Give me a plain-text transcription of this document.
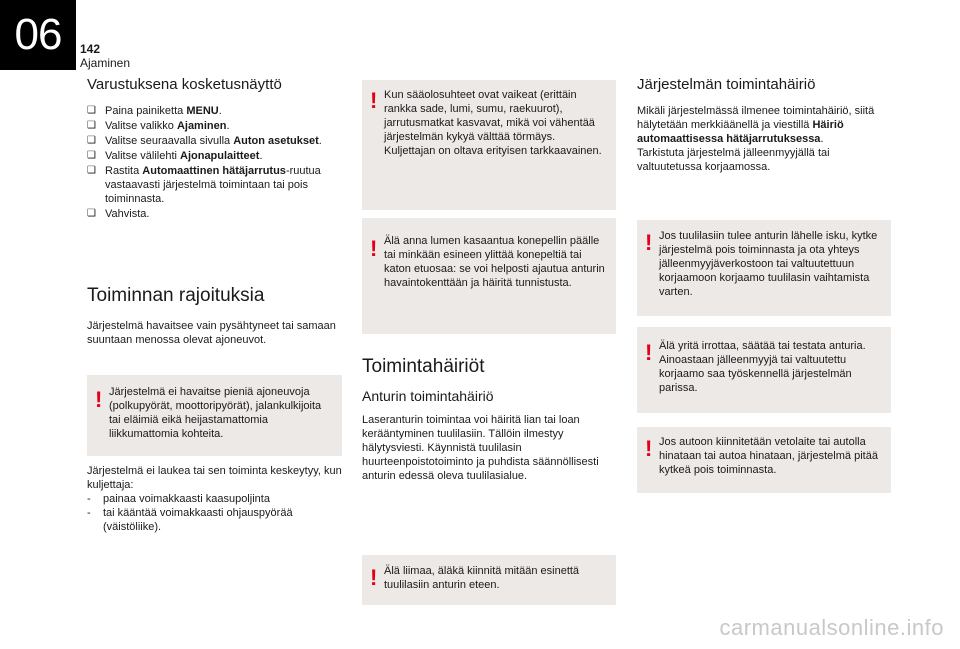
06	142
Ajaminen
Varustuksena kosketusnäyttö
❑ Paina painiketta MENU.
❑ Valitse valikko Ajaminen.
❑ Valitse seuraavalla sivulla Auton asetukset.
❑ Valitse välilehti Ajonapulaitteet.
❑ Rastita Automaattinen hätäjarrutus-ruutua vastaavasti järjestelmä toimintaan tai pois toiminnasta.
❑ Vahvista.
Toiminnan rajoituksia

Järjestelmä havaitsee vain pysähtyneet tai samaan suuntaan menossa olevat ajoneuvot.

! Järjestelmä ei havaitse pieniä ajoneuvoja (polkupyörät, moottoripyörät), jalankulkijoita tai eläimiä eikä heijastamattomia liikkumattomia kohteita.

Järjestelmä ei laukea tai sen toiminta keskeytyy, kun kuljettaja:

- painaa voimakkaasti kaasupoljinta
- tai kääntää voimakkaasti ohjauspyörää (väistöliike).
! Kun sääolosuhteet ovat vaikeat (erittäin rankka sade, lumi, sumu, raekuurot), jarrutusmatkat kasvavat, mikä voi vähentää järjestelmän kykyä välttää törmäys.

Kuljettajan on oltava erityisen tarkkaavainen.

! Älä anna lumen kasaantua konepellin päälle tai minkään esineen ylittää konepeltiä tai katon etuosaa: se voi helposti ajautua anturin havaintokenttään ja häiritä tunnistusta.
Toimintahäiriöt
Anturin toimintahäiriö

Laseranturin toimintaa voi häiritä lian tai loan kerääntyminen tuulilasiin. Tällöin ilmestyy hälytysviesti. Käynnistä tuulilasin huurteenpoistotoiminto ja puhdista säännöllisesti anturin edessä oleva tuulilasialue.

! Älä liimaa, äläkä kiinnitä mitään esinettä tuulilasiin anturin eteen.
Järjestelmän toimintahäiriö

Mikäli järjestelmässä ilmenee toimintahäiriö, siitä hälytetään merkkiäänellä ja viestillä Häiriö automaattisessa hätäjarrutuksessa.

Tarkistuta järjestelmä jälleenmyyjällä tai valtuutetussa korjaamossa.

! Jos tuulilasiin tulee anturin lähelle isku, kytke järjestelmä pois toiminnasta ja ota yhteys jälleenmyyjäverkostoon tai valtuutettuun korjaamoon korjaamo tuulilasin vaihtamista varten.
! Älä yritä irrottaa, säätää tai testata anturia. Ainoastaan jälleenmyyjä tai valtuutettu korjaamo saa työskennellä järjestelmän parissa.
! Jos autoon kiinnitetään vetolaite tai autolla hinataan tai autoa hinataan, järjestelmä pitää kytkeä pois toiminnasta.
carmanualsonline.info
